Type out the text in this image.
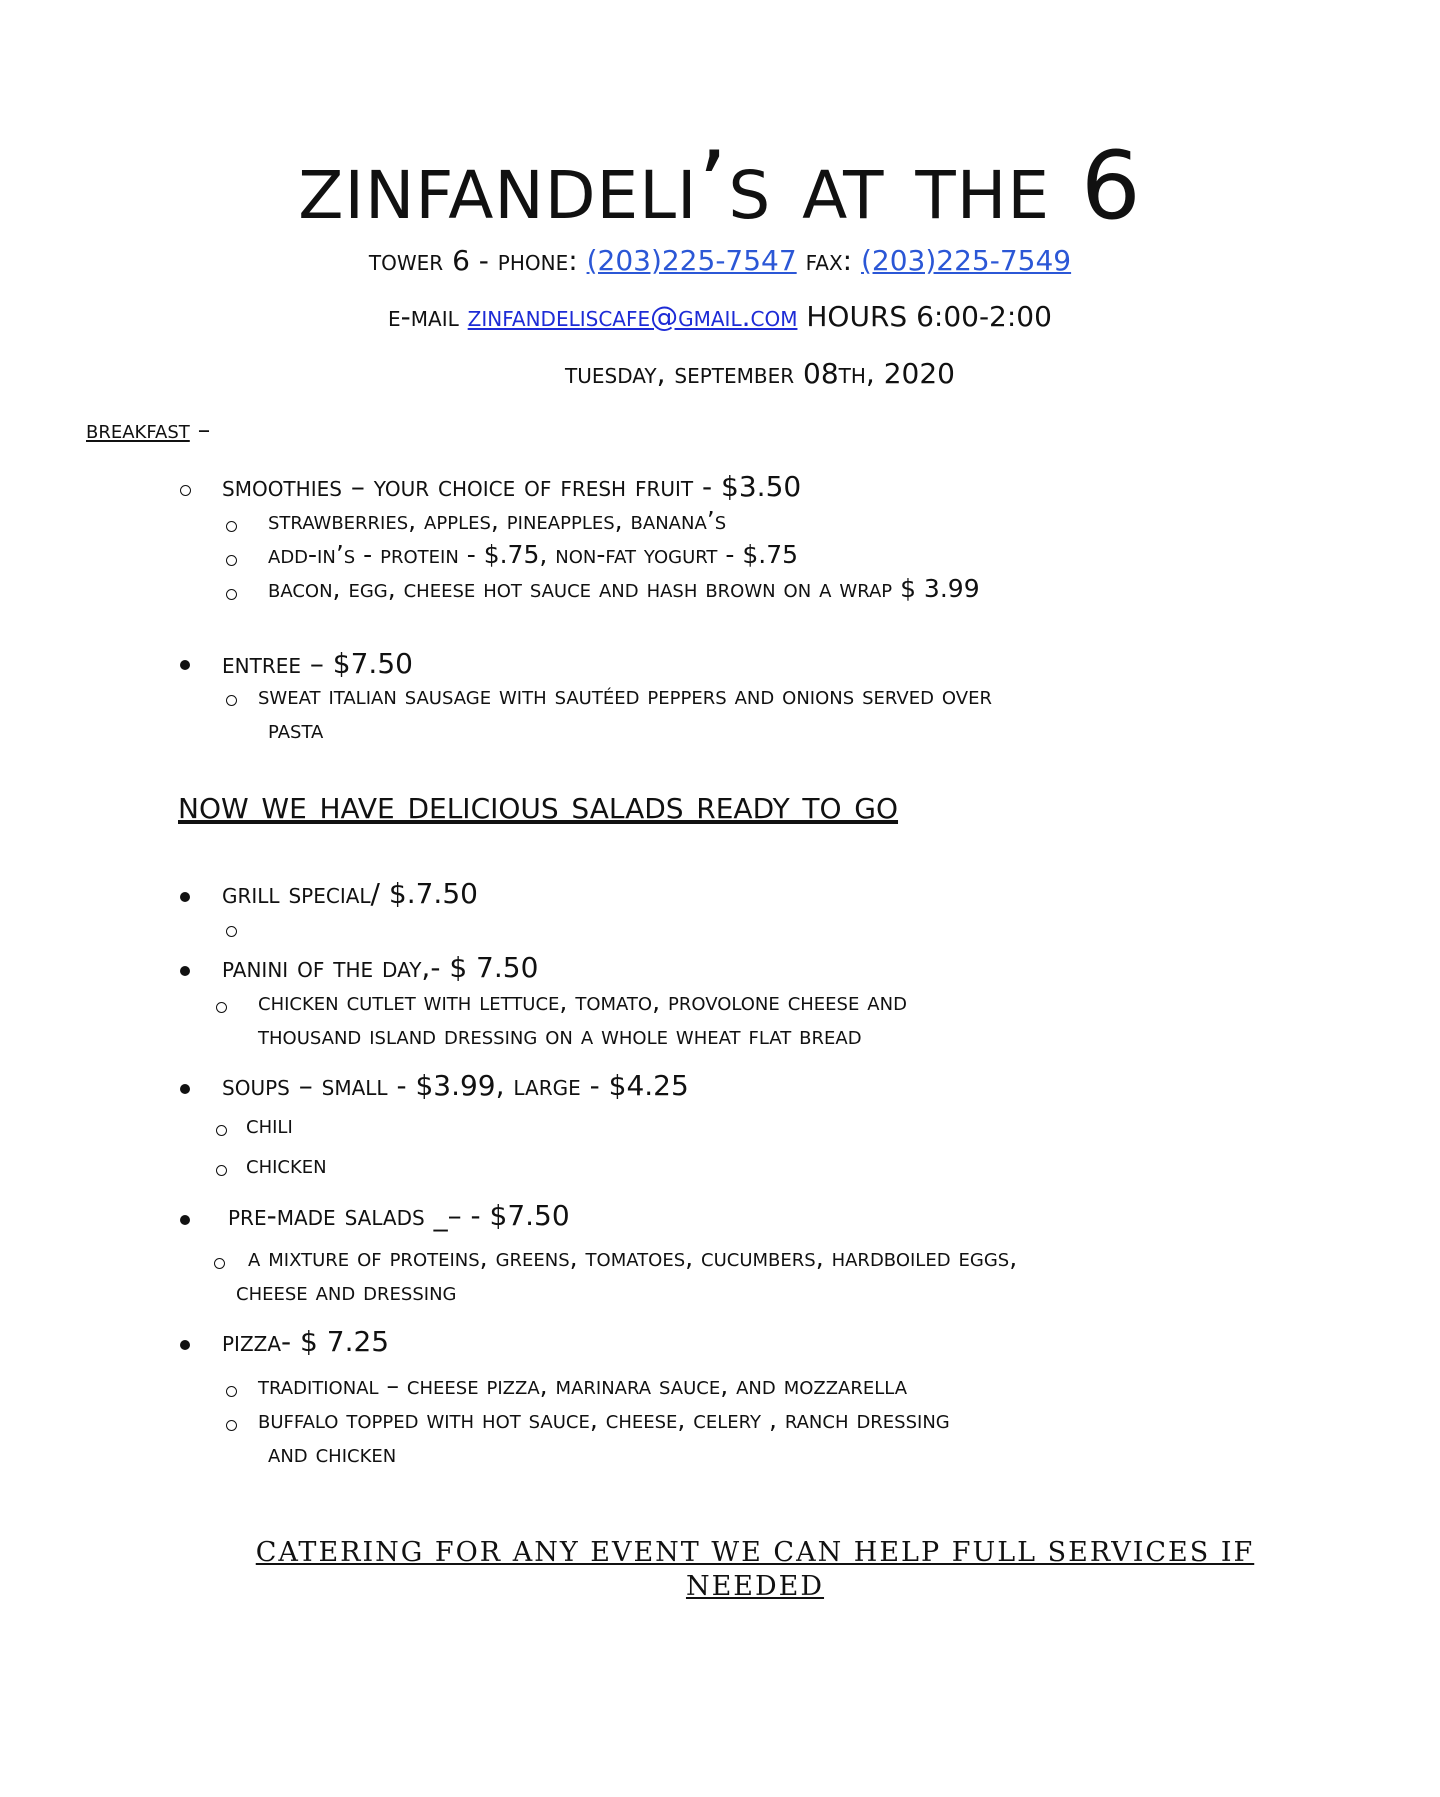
zinfandeli’s at the 6
tower 6 - phone: (203)225-7547 fax: (203)225-7549
e-mail zinfandeliscafe@gmail.com HOURS 6:00-2:00
tuesday, september 08th, 2020
breakfast –
smoothies – your choice of fresh fruit - $3.50
strawberries, apples, pineapples, banana’s
add-in’s - protein - $.75, non-fat yogurt - $.75
bacon, egg, cheese hot sauce and hash brown on a wrap $ 3.99
entree – $7.50
sweat italian sausage with sautéed peppers and onions served over
pasta
now we have delicious salads ready to go
grill special/ $.7.50
panini of the day,- $ 7.50
chicken cutlet with lettuce, tomato, provolone cheese and
thousand island dressing on a whole wheat flat bread
soups – small - $3.99, large - $4.25
chili
chicken
pre-made salads _– - $7.50
a mixture of proteins, greens, tomatoes, cucumbers, hardboiled eggs,
cheese and dressing
pizza- $ 7.25
traditional – cheese pizza, marinara sauce, and mozzarella
buffalo topped with hot sauce, cheese, celery , ranch dressing
and chicken
CATERING FOR ANY EVENT WE CAN HELP FULL SERVICES IF
NEEDED
